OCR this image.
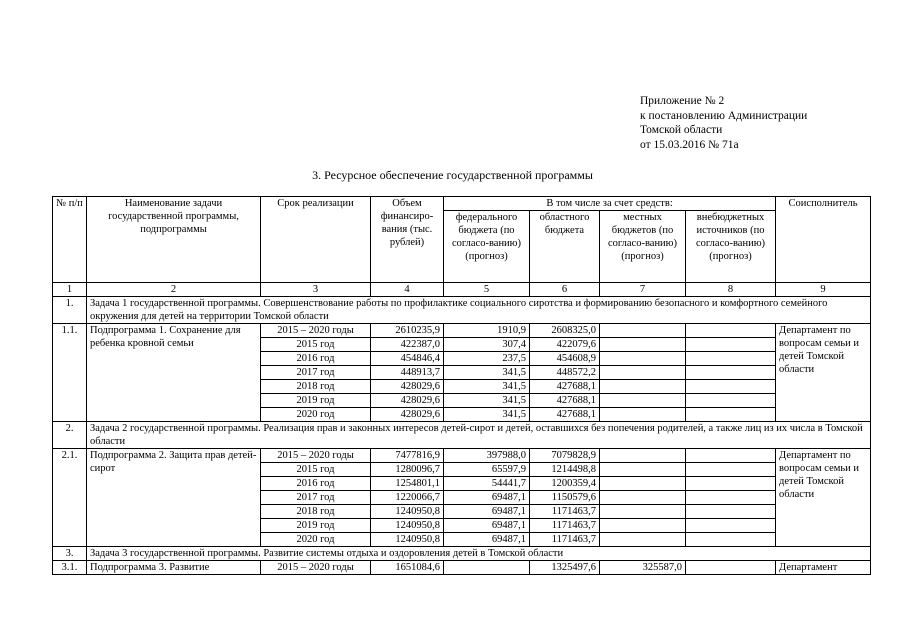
Приложение № 2
к постановлению Администрации
Томской области
от 15.03.2016 № 71а
3. Ресурсное обеспечение государственной программы
№ п/п	Наименование задачи государственной программы, подпрограммы	Срок реализации	Объем финансиро-вания (тыс. рублей)	В том числе за счет средств:				Соисполнитель
				федерального бюджета (по согласо-ванию) (прогноз)	областного бюджета	местных бюджетов (по согласо-ванию) (прогноз)	внебюджетных источников (по согласо-ванию) (прогноз)	
1	2	3	4	5	6	7	8	9
1.	Задача 1 государственной программы. Совершенствование работы по профилактике социального сиротства и формированию безопасного и комфортного семейного окружения для детей на территории Томской области							
1.1.	Подпрограмма 1. Сохранение для ребенка кровной семьи	2015 – 2020 годы	2610235,9	1910,9	2608325,0			Департамент по вопросам семьи и детей Томской области
		2015 год	422387,0	307,4	422079,6			
		2016 год	454846,4	237,5	454608,9			
		2017 год	448913,7	341,5	448572,2			
		2018 год	428029,6	341,5	427688,1			
		2019 год	428029,6	341,5	427688,1			
		2020 год	428029,6	341,5	427688,1			
2.	Задача 2 государственной программы. Реализация прав и законных интересов детей-сирот и детей, оставшихся без попечения родителей, а также лиц из их числа в Томской области							
2.1.	Подпрограмма 2. Защита прав детей-сирот	2015 – 2020 годы	7477816,9	397988,0	7079828,9			Департамент по вопросам семьи и детей Томской области
		2015 год	1280096,7	65597,9	1214498,8			
		2016 год	1254801,1	54441,7	1200359,4			
		2017 год	1220066,7	69487,1	1150579,6			
		2018 год	1240950,8	69487,1	1171463,7			
		2019 год	1240950,8	69487,1	1171463,7			
		2020 год	1240950,8	69487,1	1171463,7			
3.	Задача 3 государственной программы. Развитие системы отдыха и оздоровления детей в Томской области							
3.1.	Подпрограмма 3. Развитие	2015 – 2020 годы	1651084,6		1325497,6	325587,0		Департамент
